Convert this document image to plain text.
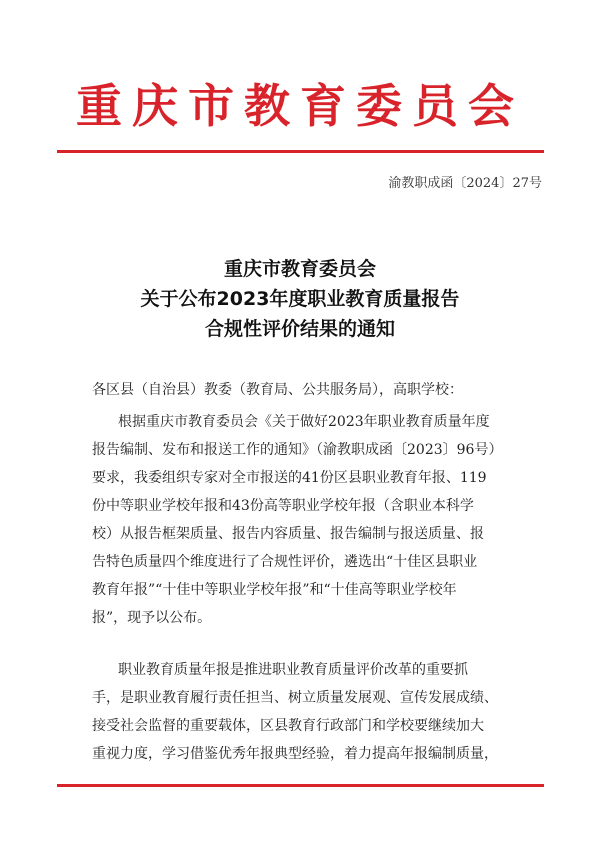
重庆市教育委员会
渝教职成函〔2024〕27号
重庆市教育委员会
关于公布2023年度职业教育质量报告
合规性评价结果的通知
各区县（自治县）教委（教育局、公共服务局），高职学校：
根据重庆市教育委员会《关于做好2023年职业教育质量年度
报告编制、发布和报送工作的通知》（渝教职成函〔2023〕96号）
要求，我委组织专家对全市报送的41份区县职业教育年报、119
份中等职业学校年报和43份高等职业学校年报（含职业本科学
校）从报告框架质量、报告内容质量、报告编制与报送质量、报
告特色质量四个维度进行了合规性评价，遴选出“十佳区县职业
教育年报”“十佳中等职业学校年报”和“十佳高等职业学校年
报”，现予以公布。
职业教育质量年报是推进职业教育质量评价改革的重要抓
手，是职业教育履行责任担当、树立质量发展观、宣传发展成绩、
接受社会监督的重要载体，区县教育行政部门和学校要继续加大
重视力度，学习借鉴优秀年报典型经验，着力提高年报编制质量，
